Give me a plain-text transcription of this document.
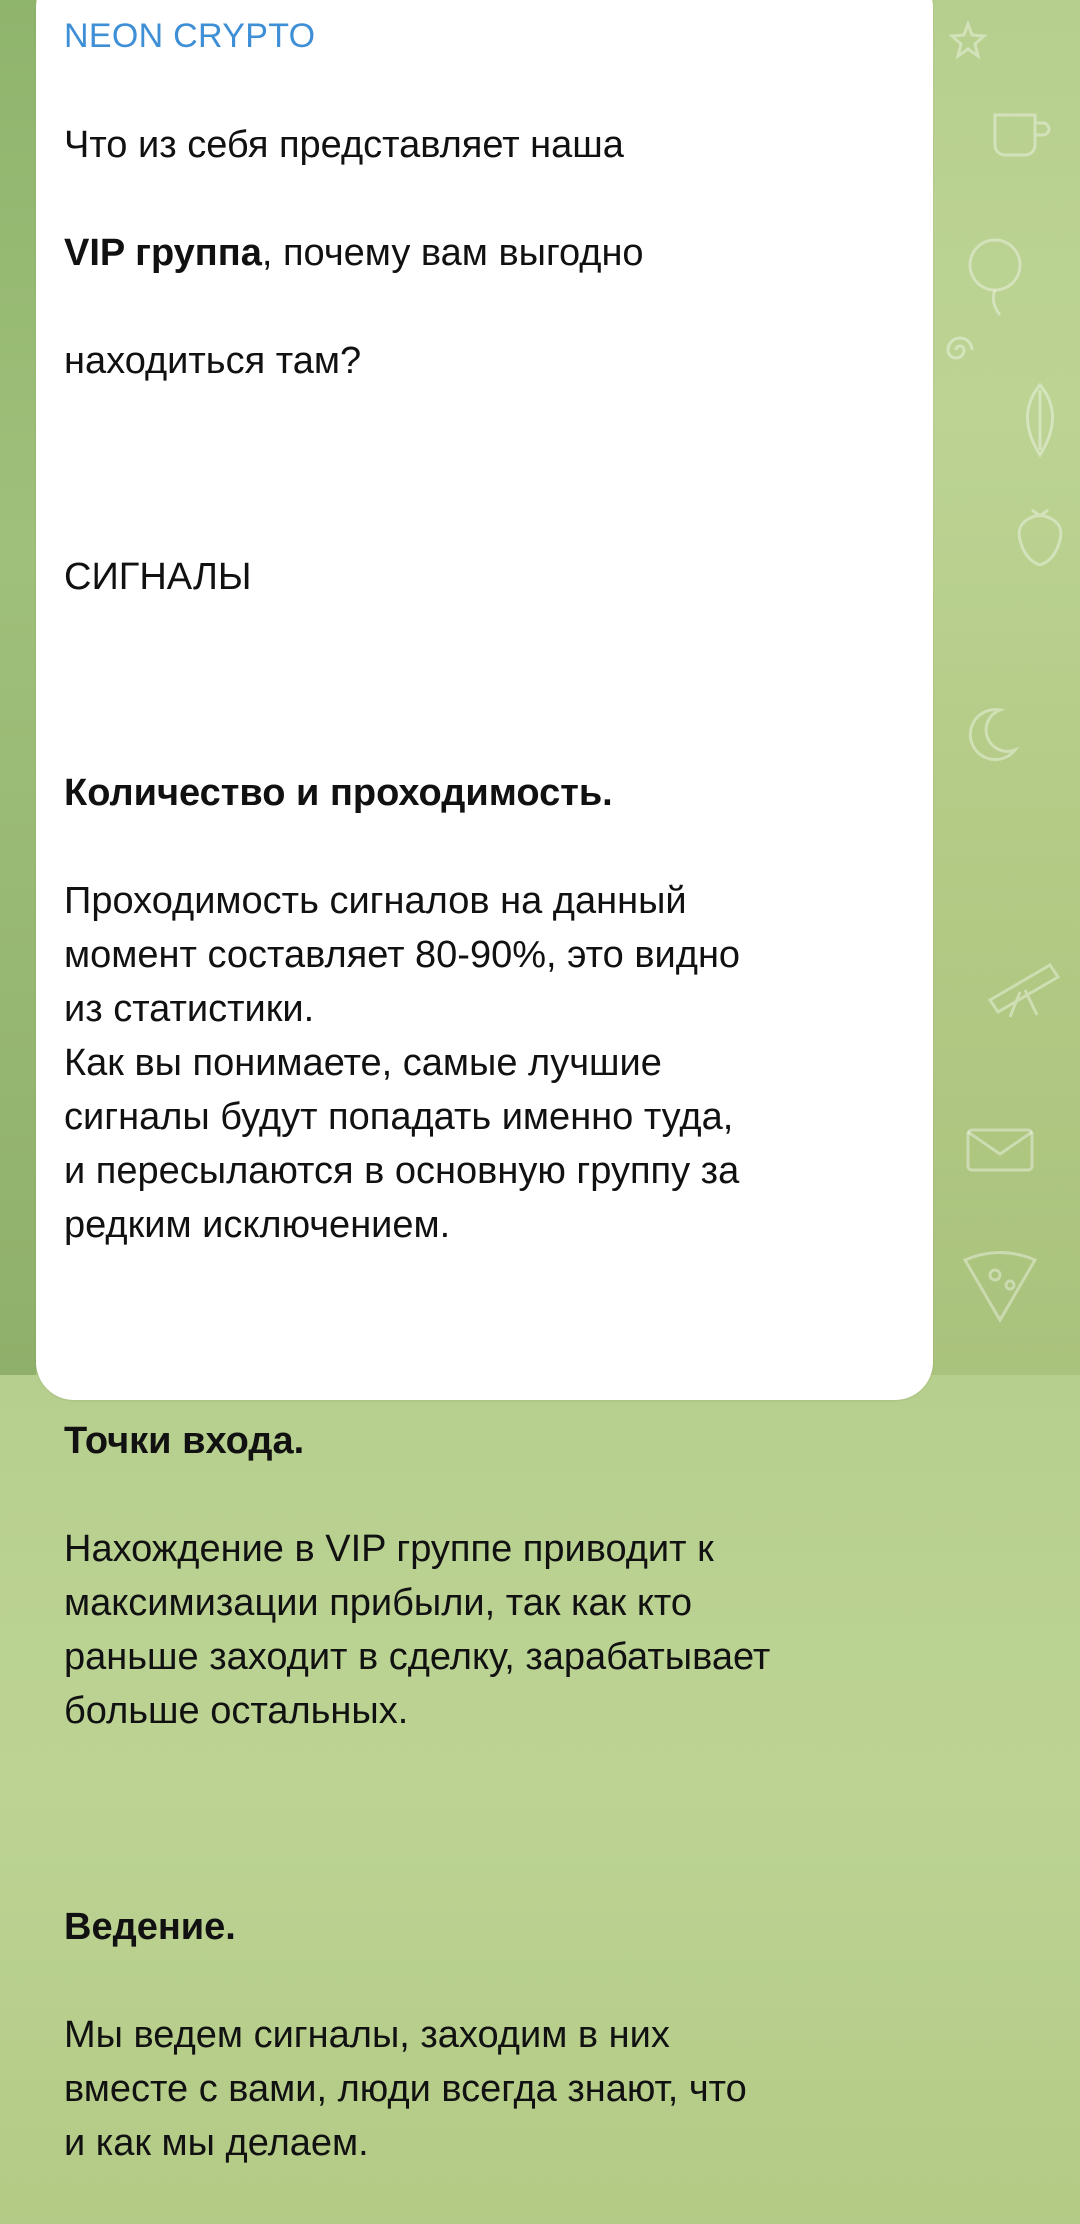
NEON CRYPTO

Что из себя представляет наша

VIP группа, почему вам выгодно

находиться там?

СИГНАЛЫ

Количество и проходимость.

Проходимость сигналов на данный
момент составляет 80-90%, это видно
из статистики.
Как вы понимаете, самые лучшие
сигналы будут попадать именно туда,
и пересылаются в основную группу за
редким исключением.

Точки входа.

Нахождение в VIP группе приводит к
максимизации прибыли, так как кто
раньше заходит в сделку, зарабатывает
больше остальных.

Ведение.

Мы ведем сигналы, заходим в них
вместе с вами, люди всегда знают, что
и как мы делаем.
